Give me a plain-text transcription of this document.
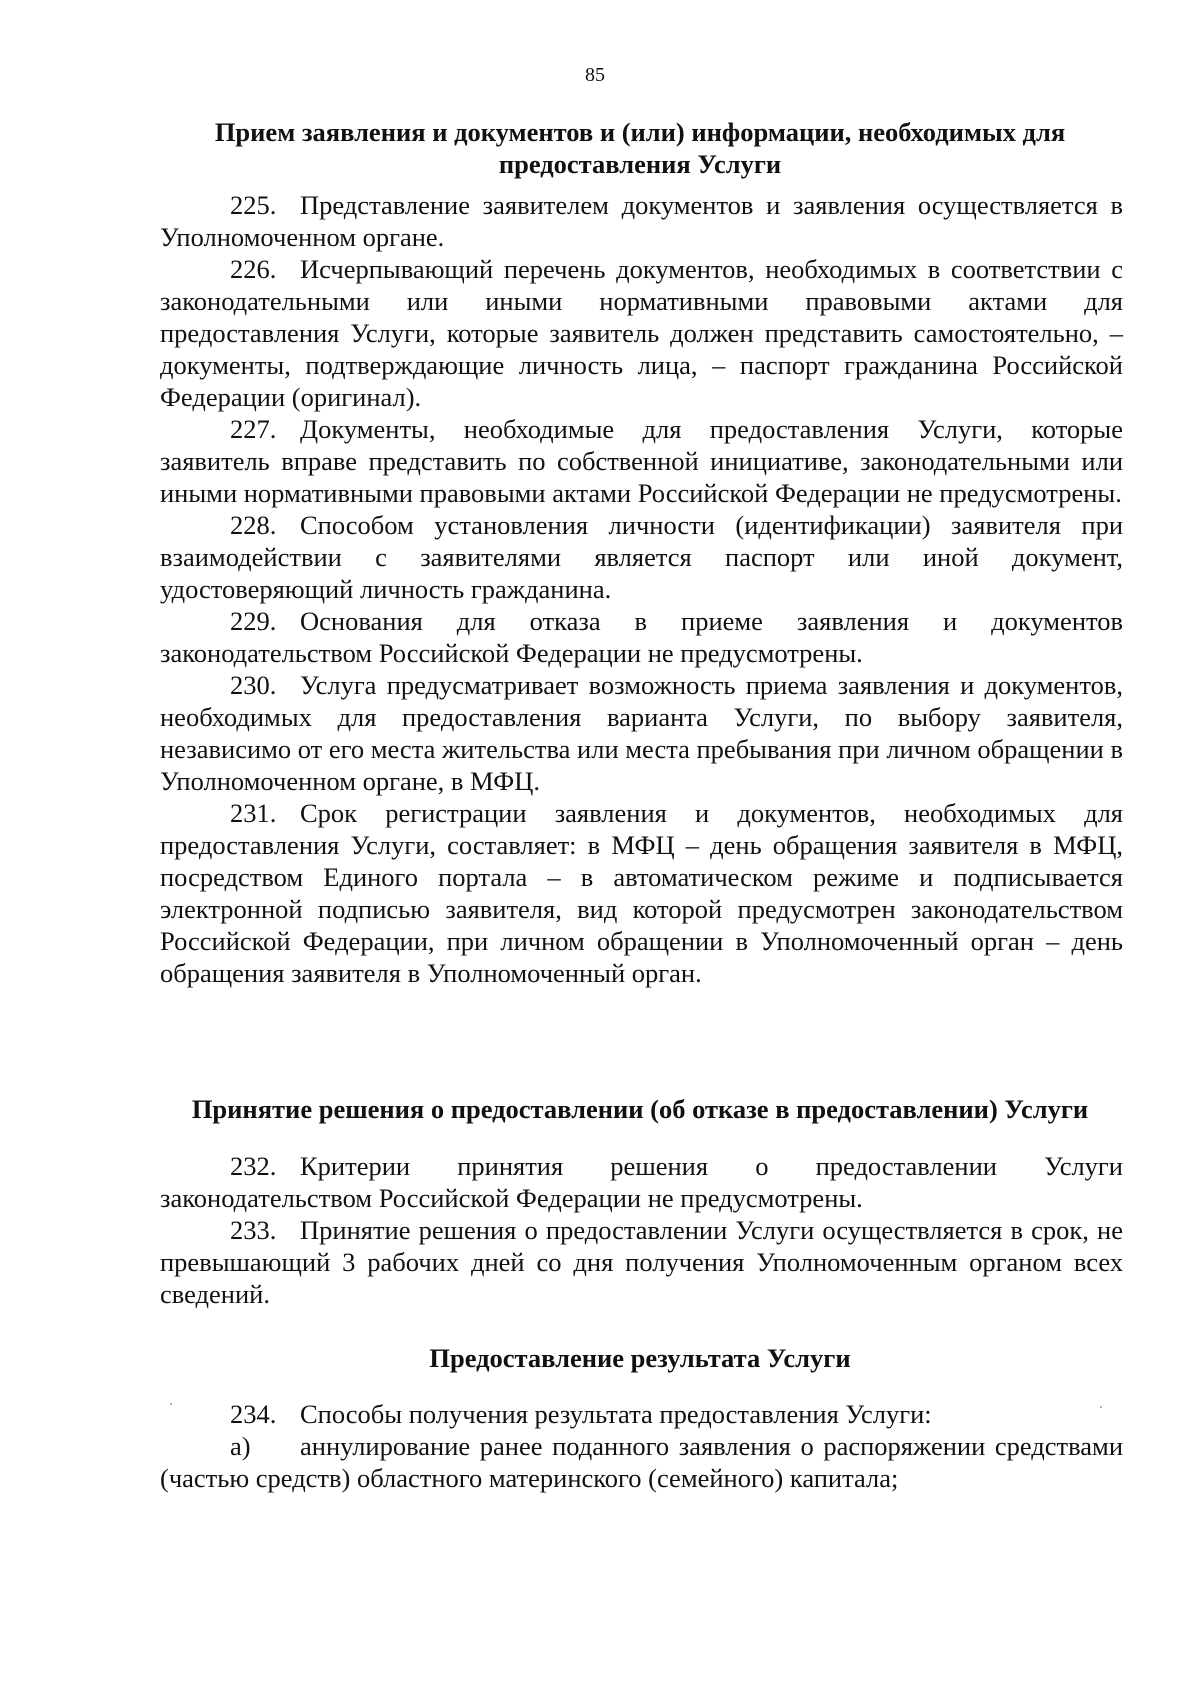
85
Прием заявления и документов и (или) информации, необходимых для предоставления Услуги

225. Представление заявителем документов и заявления осуществляется в Уполномоченном органе.

226. Исчерпывающий перечень документов, необходимых в соответствии с законодательными или иными нормативными правовыми актами для предоставления Услуги, которые заявитель должен представить самостоятельно, – документы, подтверждающие личность лица, – паспорт гражданина Российской Федерации (оригинал).

227. Документы, необходимые для предоставления Услуги, которые заявитель вправе представить по собственной инициативе, законодательными или иными нормативными правовыми актами Российской Федерации не предусмотрены.

228. Способом установления личности (идентификации) заявителя при взаимодействии с заявителями является паспорт или иной документ, удостоверяющий личность гражданина.

229. Основания для отказа в приеме заявления и документов законодательством Российской Федерации не предусмотрены.

230. Услуга предусматривает возможность приема заявления и документов, необходимых для предоставления варианта Услуги, по выбору заявителя, независимо от его места жительства или места пребывания при личном обращении в Уполномоченном органе, в МФЦ.

231. Срок регистрации заявления и документов, необходимых для предоставления Услуги, составляет: в МФЦ – день обращения заявителя в МФЦ, посредством Единого портала – в автоматическом режиме и подписывается электронной подписью заявителя, вид которой предусмотрен законодательством Российской Федерации, при личном обращении в Уполномоченный орган – день обращения заявителя в Уполномоченный орган.

Принятие решения о предоставлении (об отказе в предоставлении) Услуги

232. Критерии принятия решения о предоставлении Услуги законодательством Российской Федерации не предусмотрены.

233. Принятие решения о предоставлении Услуги осуществляется в срок, не превышающий 3 рабочих дней со дня получения Уполномоченным органом всех сведений.

Предоставление результата Услуги

234. Способы получения результата предоставления Услуги:

а) аннулирование ранее поданного заявления о распоряжении средствами (частью средств) областного материнского (семейного) капитала;
